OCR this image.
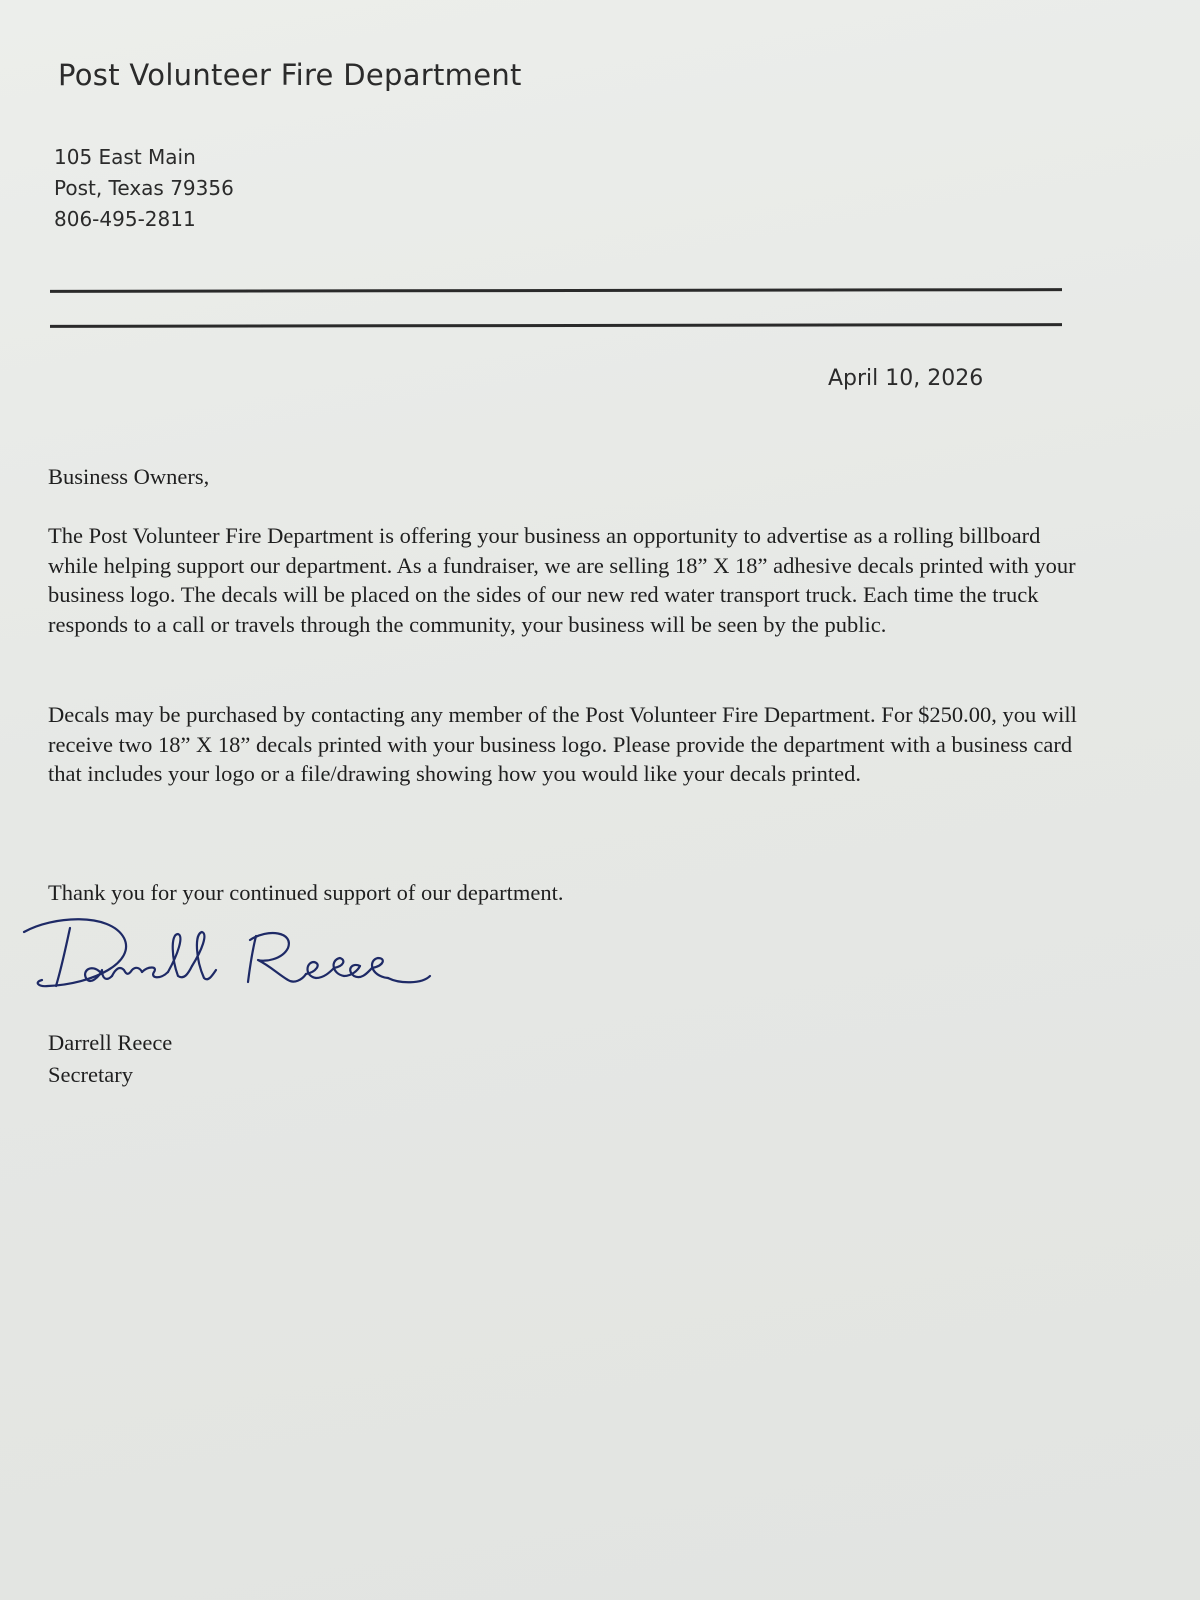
Post Volunteer Fire Department
105 East Main
Post, Texas 79356
806-495-2811
April 10, 2026
Business Owners,
The Post Volunteer Fire Department is offering your business an opportunity to advertise as a rolling billboard while helping support our department. As a fundraiser, we are selling 18” X 18” adhesive decals printed with your business logo. The decals will be placed on the sides of our new red water transport truck. Each time the truck responds to a call or travels through the community, your business will be seen by the public.
Decals may be purchased by contacting any member of the Post Volunteer Fire Department. For $250.00, you will receive two 18” X 18” decals printed with your business logo. Please provide the department with a business card that includes your logo or a file/drawing showing how you would like your decals printed.
Thank you for your continued support of our department.
Darrell Reece
Secretary
